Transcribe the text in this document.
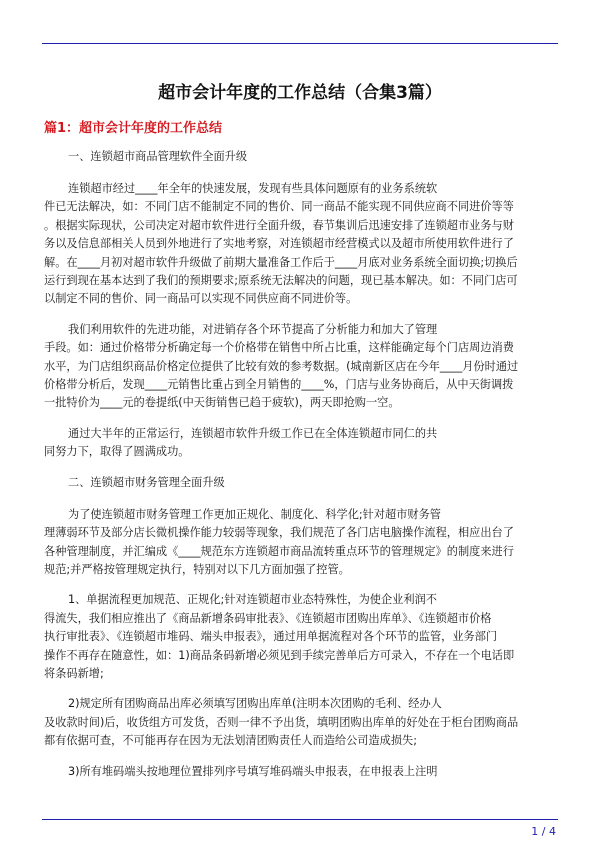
超市会计年度的工作总结（合集3篇）
篇1：超市会计年度的工作总结
一、连锁超市商品管理软件全面升级
连锁超市经过____年全年的快速发展，发现有些具体问题原有的业务系统软
件已无法解决，如：不同门店不能制定不同的售价、同一商品不能实现不同供应商不同进价等等
。根据实际现状，公司决定对超市软件进行全面升级，春节集训后迅速安排了连锁超市业务与财
务以及信息部相关人员到外地进行了实地考察，对连锁超市经营模式以及超市所使用软件进行了
解。在____月初对超市软件升级做了前期大量准备工作后于____月底对业务系统全面切换;切换后
运行到现在基本达到了我们的预期要求;原系统无法解决的问题，现已基本解决。如：不同门店可
以制定不同的售价、同一商品可以实现不同供应商不同进价等。
我们利用软件的先进功能，对进销存各个环节提高了分析能力和加大了管理
手段。如：通过价格带分析确定每一个价格带在销售中所占比重，这样能确定每个门店周边消费
水平，为门店组织商品价格定位提供了比较有效的参考数据。(城南新区店在今年____月份时通过
价格带分析后，发现____元销售比重占到全月销售的____%，门店与业务协商后，从中天街调拨
一批特价为____元的卷提纸(中天街销售已趋于疲软)，两天即抢购一空。
通过大半年的正常运行，连锁超市软件升级工作已在全体连锁超市同仁的共
同努力下，取得了圆满成功。
二、连锁超市财务管理全面升级
为了使连锁超市财务管理工作更加正规化、制度化、科学化;针对超市财务管
理薄弱环节及部分店长微机操作能力较弱等现象，我们规范了各门店电脑操作流程，相应出台了
各种管理制度，并汇编成《____规范东方连锁超市商品流转重点环节的管理规定》的制度来进行
规范;并严格按管理规定执行，特别对以下几方面加强了控管。
1、单据流程更加规范、正规化;针对连锁超市业态特殊性，为使企业利润不
得流失，我们相应推出了《商品新增条码审批表》、《连锁超市团购出库单》、《连锁超市价格
执行审批表》、《连锁超市堆码、端头申报表》，通过用单据流程对各个环节的监管，业务部门
操作不再存在随意性，如：1)商品条码新增必须见到手续完善单后方可录入，不存在一个电话即
将条码新增;
2)规定所有团购商品出库必须填写团购出库单(注明本次团购的毛利、经办人
及收款时间)后，收货组方可发货，否则一律不予出货，填明团购出库单的好处在于柜台团购商品
都有依据可查，不可能再存在因为无法划清团购责任人而造给公司造成损失;
3)所有堆码端头按地理位置排列序号填写堆码端头申报表，在申报表上注明
1 / 4
